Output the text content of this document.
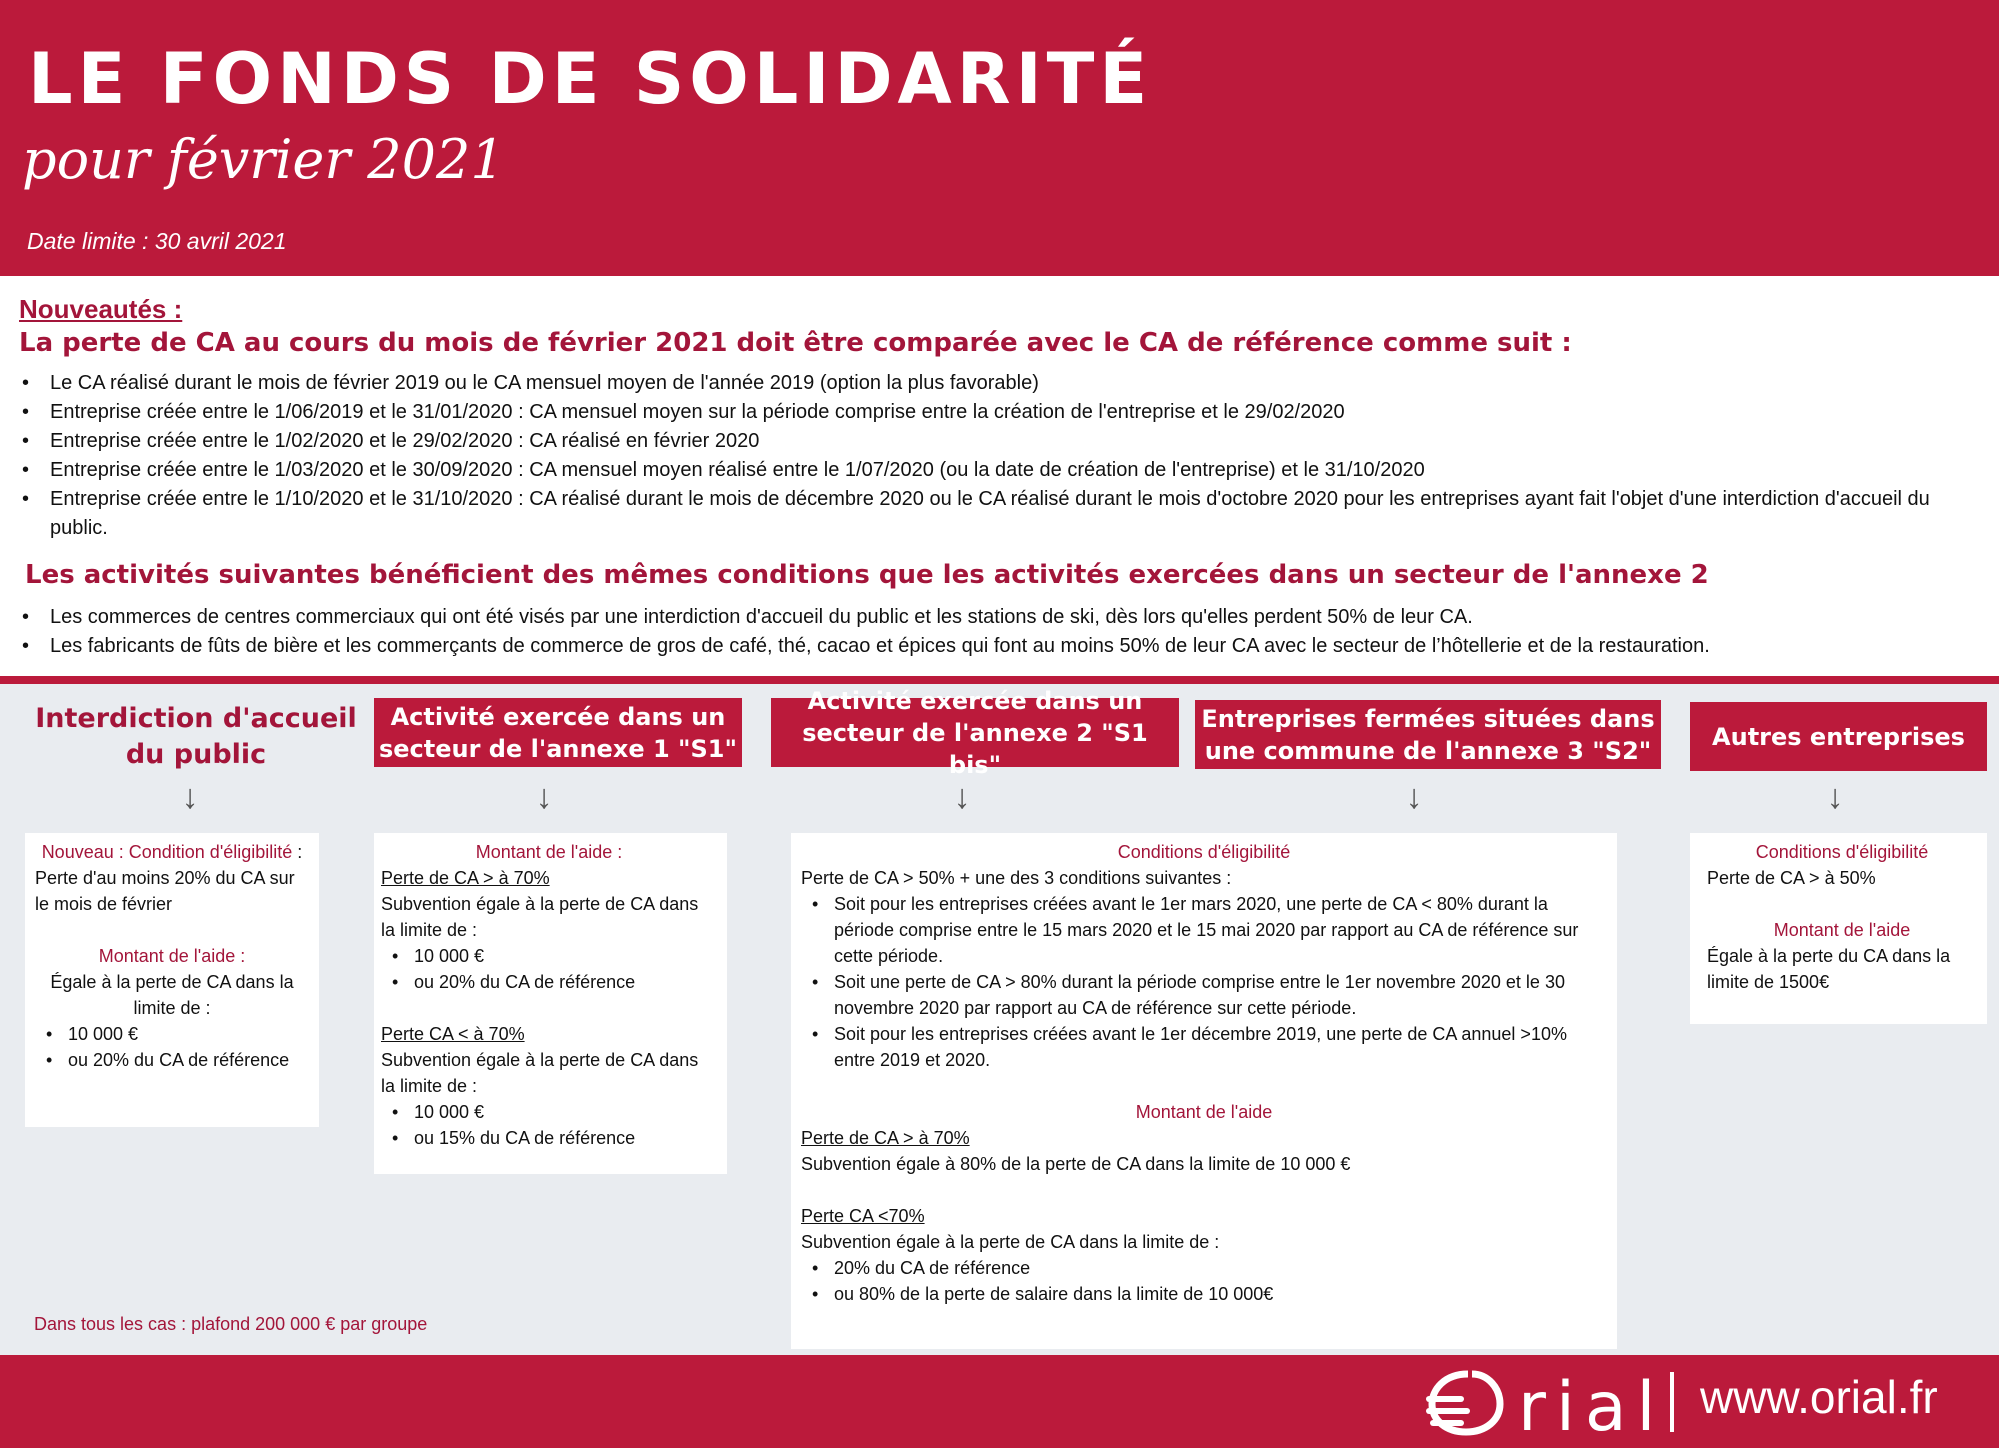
LE FONDS DE SOLIDARITÉ
pour février 2021
Date limite : 30 avril 2021
Nouveautés :
La perte de CA au cours du mois de février 2021 doit être comparée avec le CA de référence comme suit :
• Le CA réalisé durant le mois de février 2019 ou le CA mensuel moyen de l'année 2019 (option la plus favorable)
• Entreprise créée entre le 1/06/2019 et le 31/01/2020 : CA mensuel moyen sur la période comprise entre la création de l'entreprise et le 29/02/2020
• Entreprise créée entre le 1/02/2020 et le 29/02/2020 : CA réalisé en février 2020
• Entreprise créée entre le 1/03/2020 et le 30/09/2020 : CA mensuel moyen réalisé entre le 1/07/2020 (ou la date de création de l'entreprise) et le 31/10/2020
• Entreprise créée entre le 1/10/2020 et le 31/10/2020 : CA réalisé durant le mois de décembre 2020 ou le CA réalisé durant le mois d'octobre 2020 pour les entreprises ayant fait l'objet d'une interdiction d'accueil du public.
Les activités suivantes bénéficient des mêmes conditions que les activités exercées dans un secteur de l'annexe 2
• Les commerces de centres commerciaux qui ont été visés par une interdiction d'accueil du public et les stations de ski, dès lors qu'elles perdent 50% de leur CA.
• Les fabricants de fûts de bière et les commerçants de commerce de gros de café, thé, cacao et épices qui font au moins 50% de leur CA avec le secteur de l’hôtellerie et de la restauration.
Interdiction d'accueil du public
Activité exercée dans un secteur de l'annexe 1 "S1"
Activité exercée dans un secteur de l'annexe 2 "S1 bis"
Entreprises fermées situées dans une commune de l'annexe 3 "S2"	Autres entreprises
↓	↓	↓	↓	↓
Nouveau : Condition d'éligibilité :
Perte d'au moins 20% du CA sur le mois de février
Montant de l'aide :
Égale à la perte de CA dans la limite de :
• 10 000 €
• ou 20% du CA de référence
Montant de l'aide :
Perte de CA > à 70%
Subvention égale à la perte de CA dans la limite de :
• 10 000 €
• ou 20% du CA de référence
Perte CA < à 70%
Subvention égale à la perte de CA dans la limite de :
• 10 000 €
• ou 15% du CA de référence
Conditions d'éligibilité
Perte de CA > 50% + une des 3 conditions suivantes :
• Soit pour les entreprises créées avant le 1er mars 2020, une perte de CA < 80% durant la période comprise entre le 15 mars 2020 et le 15 mai 2020 par rapport au CA de référence sur cette période.
• Soit une perte de CA > 80% durant la période comprise entre le 1er novembre 2020 et le 30 novembre 2020 par rapport au CA de référence sur cette période.
• Soit pour les entreprises créées avant le 1er décembre 2019, une perte de CA annuel >10% entre 2019 et 2020.
Montant de l'aide
Perte de CA > à 70%
Subvention égale à 80% de la perte de CA dans la limite de 10 000 €
Perte CA <70%
Subvention égale à la perte de CA dans la limite de :
• 20% du CA de référence
• ou 80% de la perte de salaire dans la limite de 10 000€
Conditions d'éligibilité
Perte de CA > à 50%
Montant de l'aide
Égale à la perte du CA dans la limite de 1500€
Dans tous les cas : plafond 200 000 € par groupe
rial www.orial.fr
